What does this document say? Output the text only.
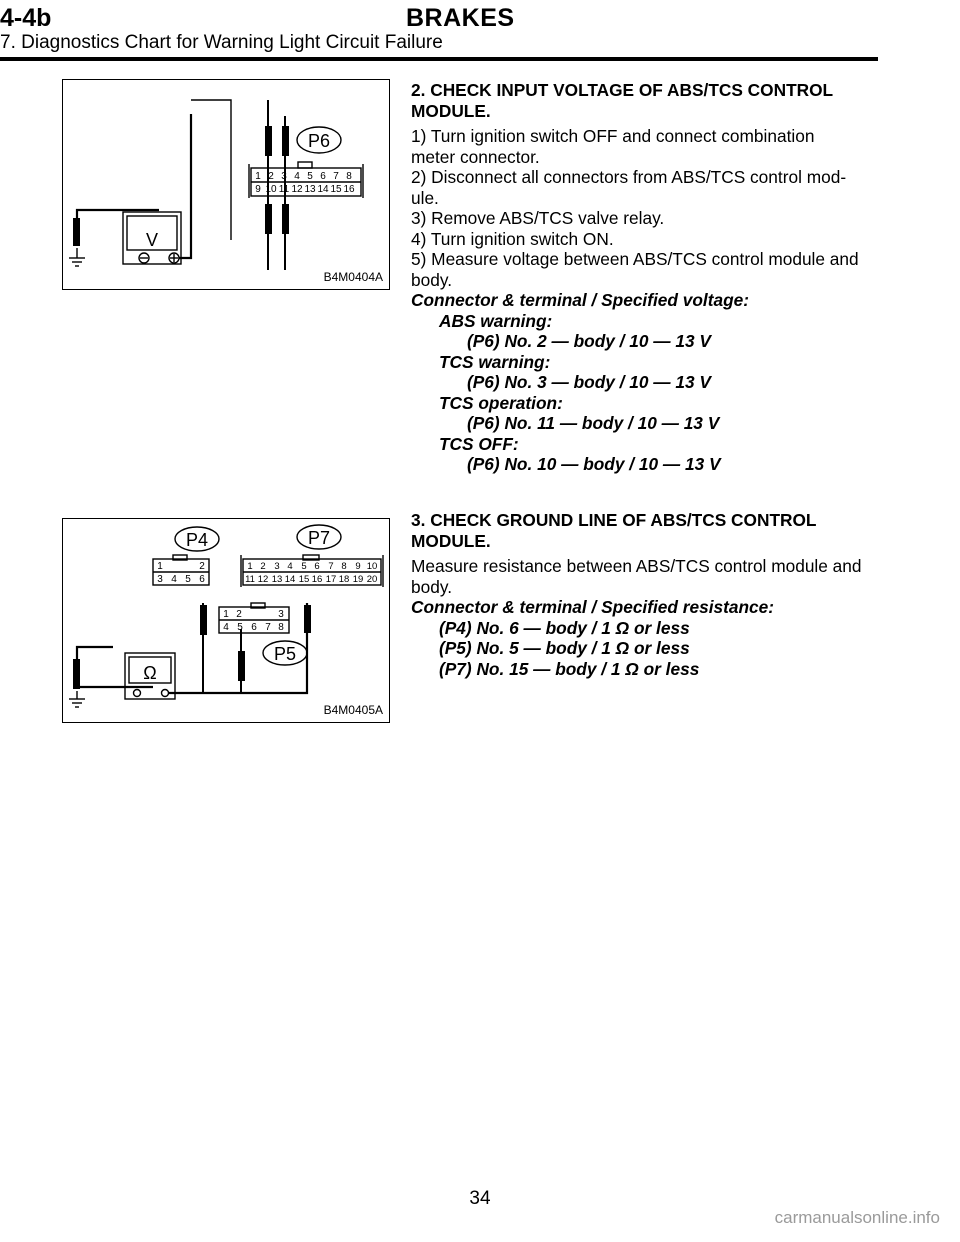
4-4b	BRAKES
7. Diagnostics Chart for Warning Light Circuit Failure
V
P6
1 2 3 4 5 6 7 8
9 10 11 12 13 14 15 16
B4M0404A

2. CHECK INPUT VOLTAGE OF ABS/TCS CONTROL

MODULE.

1) Turn ignition switch OFF and connect combination

meter connector.

2) Disconnect all connectors from ABS/TCS control mod-

ule.

3) Remove ABS/TCS valve relay.

4) Turn ignition switch ON.

5) Measure voltage between ABS/TCS control module and

body.

Connector & terminal / Specified voltage:

ABS warning:

(P6) No. 2 — body / 10 — 13 V

TCS warning:

(P6) No. 3 — body / 10 — 13 V

TCS operation:

(P6) No. 11 — body / 10 — 13 V

TCS OFF:

(P6) No. 10 — body / 10 — 13 V

Ω
P4
1	2
3 4 5 6
P7
1 2 3 4 5 6 7 8 9 10
11 12 13 14 15 16 17 18 19 20
1 2	3
4 5 6 7 8
P5
B4M0405A

3. CHECK GROUND LINE OF ABS/TCS CONTROL

MODULE.

Measure resistance between ABS/TCS control module and

body.

Connector & terminal / Specified resistance:

(P4) No. 6 — body / 1 Ω or less

(P5) No. 5 — body / 1 Ω or less

(P7) No. 15 — body / 1 Ω or less

34
carmanualsonline.info
